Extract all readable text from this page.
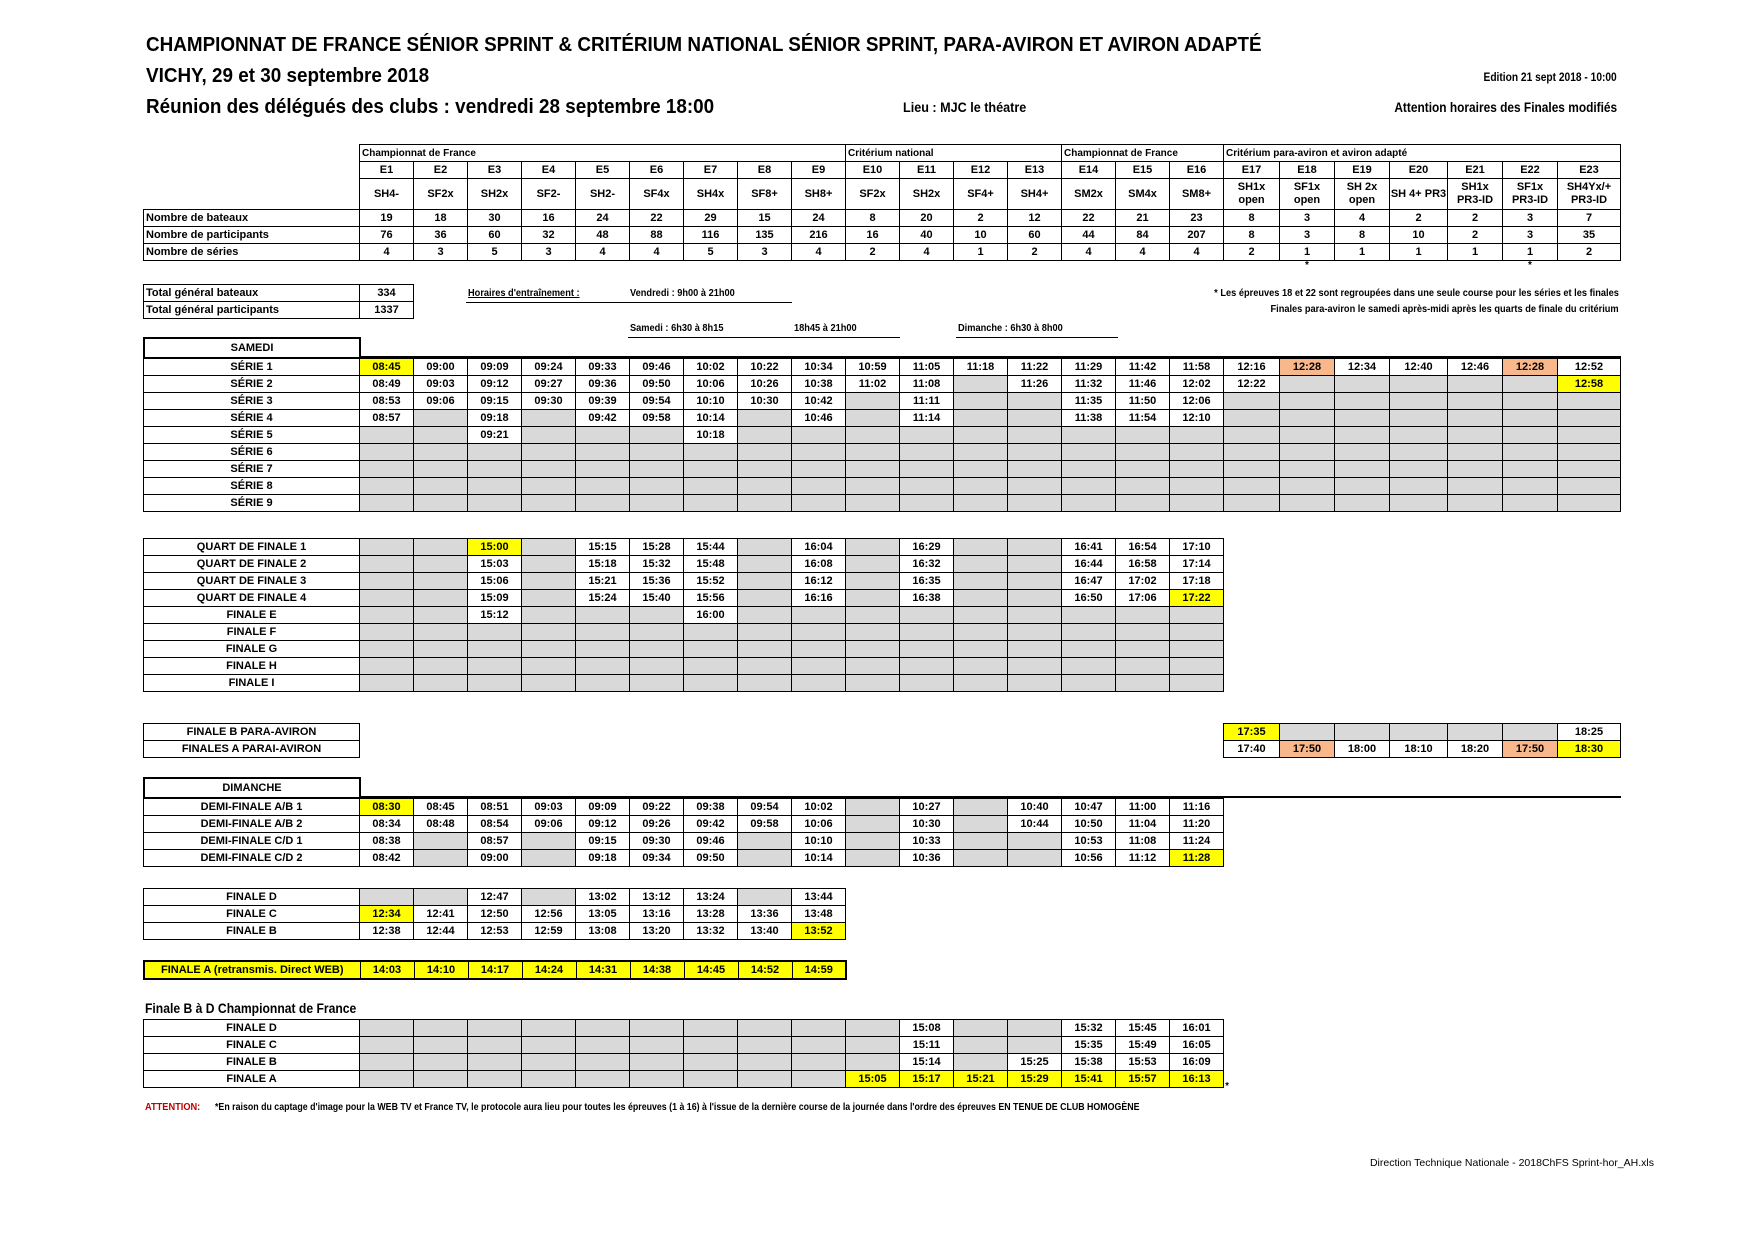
CHAMPIONNAT DE FRANCE SÉNIOR SPRINT & CRITÉRIUM NATIONAL SÉNIOR SPRINT, PARA-AVIRON ET AVIRON ADAPTÉ
VICHY, 29 et 30 septembre 2018
Réunion des délégués des clubs : vendredi 28 septembre 18:00	Lieu : MJC le théatre
Edition 21 sept 2018 - 10:00
Attention horaires des Finales modifiés
	Championnat de France									Critérium national				Championnat de France			Critérium para-aviron et aviron adapté						
	E1	E2	E3	E4	E5	E6	E7	E8	E9	E10	E11	E12	E13	E14	E15	E16	E17	E18	E19	E20	E21	E22	E23
	SH4-	SF2x	SH2x	SF2-	SH2-	SF4x	SH4x	SF8+	SH8+	SF2x	SH2x	SF4+	SH4+	SM2x	SM4x	SM8+	SH1x open	SF1x open	SH 2x open	SH 4+ PR3	SH1x PR3-ID	SF1x PR3-ID	SH4Yx/+ PR3-ID
Nombre de bateaux	19	18	30	16	24	22	29	15	24	8	20	2	12	22	21	23	8	3	4	2	2	3	7
Nombre de participants	76	36	60	32	48	88	116	135	216	16	40	10	60	44	84	207	8	3	8	10	2	3	35
Nombre de séries	4	3	5	3	4	4	5	3	4	2	4	1	2	4	4	4	2	1	1	1	1	1	2
																		*				*	
Total général bateaux	334
Total général participants	1337
Horaires d'entraînement :	Vendredi : 9h00 à 21h00
Samedi : 6h30 à 8h15	18h45 à 21h00	Dimanche : 6h30 à 8h00
* Les épreuves 18 et 22 sont regroupées dans une seule course pour les séries et les finales
Finales para-aviron le samedi après-midi après les quarts de finale du critérium
SAMEDI
SÉRIE 1	08:45	09:00	09:09	09:24	09:33	09:46	10:02	10:22	10:34	10:59	11:05	11:18	11:22	11:29	11:42	11:58	12:16	12:28	12:34	12:40	12:46	12:28	12:52
SÉRIE 2	08:49	09:03	09:12	09:27	09:36	09:50	10:06	10:26	10:38	11:02	11:08		11:26	11:32	11:46	12:02	12:22						12:58
SÉRIE 3	08:53	09:06	09:15	09:30	09:39	09:54	10:10	10:30	10:42		11:11			11:35	11:50	12:06							
SÉRIE 4	08:57		09:18		09:42	09:58	10:14		10:46		11:14			11:38	11:54	12:10							
SÉRIE 5			09:21				10:18																
SÉRIE 6																							
SÉRIE 7																							
SÉRIE 8																							
SÉRIE 9																							
QUART DE FINALE 1			15:00		15:15	15:28	15:44		16:04		16:29			16:41	16:54	17:10
QUART DE FINALE 2			15:03		15:18	15:32	15:48		16:08		16:32			16:44	16:58	17:14
QUART DE FINALE 3			15:06		15:21	15:36	15:52		16:12		16:35			16:47	17:02	17:18
QUART DE FINALE 4			15:09		15:24	15:40	15:56		16:16		16:38			16:50	17:06	17:22
FINALE E			15:12				16:00									
FINALE F																
FINALE G																
FINALE H																
FINALE I																
FINALE B PARA-AVIRON																	17:35						18:25
FINALES A PARAI-AVIRON																	17:40	17:50	18:00	18:10	18:20	17:50	18:30
DIMANCHE
DEMI-FINALE A/B 1	08:30	08:45	08:51	09:03	09:09	09:22	09:38	09:54	10:02		10:27		10:40	10:47	11:00	11:16
DEMI-FINALE A/B 2	08:34	08:48	08:54	09:06	09:12	09:26	09:42	09:58	10:06		10:30		10:44	10:50	11:04	11:20
DEMI-FINALE C/D 1	08:38		08:57		09:15	09:30	09:46		10:10		10:33			10:53	11:08	11:24
DEMI-FINALE C/D 2	08:42		09:00		09:18	09:34	09:50		10:14		10:36			10:56	11:12	11:28
FINALE D			12:47		13:02	13:12	13:24		13:44
FINALE C	12:34	12:41	12:50	12:56	13:05	13:16	13:28	13:36	13:48
FINALE B	12:38	12:44	12:53	12:59	13:08	13:20	13:32	13:40	13:52
FINALE A (retransmis. Direct WEB)	14:03	14:10	14:17	14:24	14:31	14:38	14:45	14:52	14:59
Finale B à D Championnat de France
FINALE D											15:08			15:32	15:45	16:01
FINALE C											15:11			15:35	15:49	16:05
FINALE B											15:14		15:25	15:38	15:53	16:09
FINALE A										15:05	15:17	15:21	15:29	15:41	15:57	16:13
*
ATTENTION: *En raison du captage d'image pour la WEB TV et France TV, le protocole aura lieu pour toutes les épreuves (1 à 16) à l'issue de la dernière course de la journée dans l'ordre des épreuves EN TENUE DE CLUB HOMOGÈNE
Direction Technique Nationale - 2018ChFS Sprint-hor_AH.xls
